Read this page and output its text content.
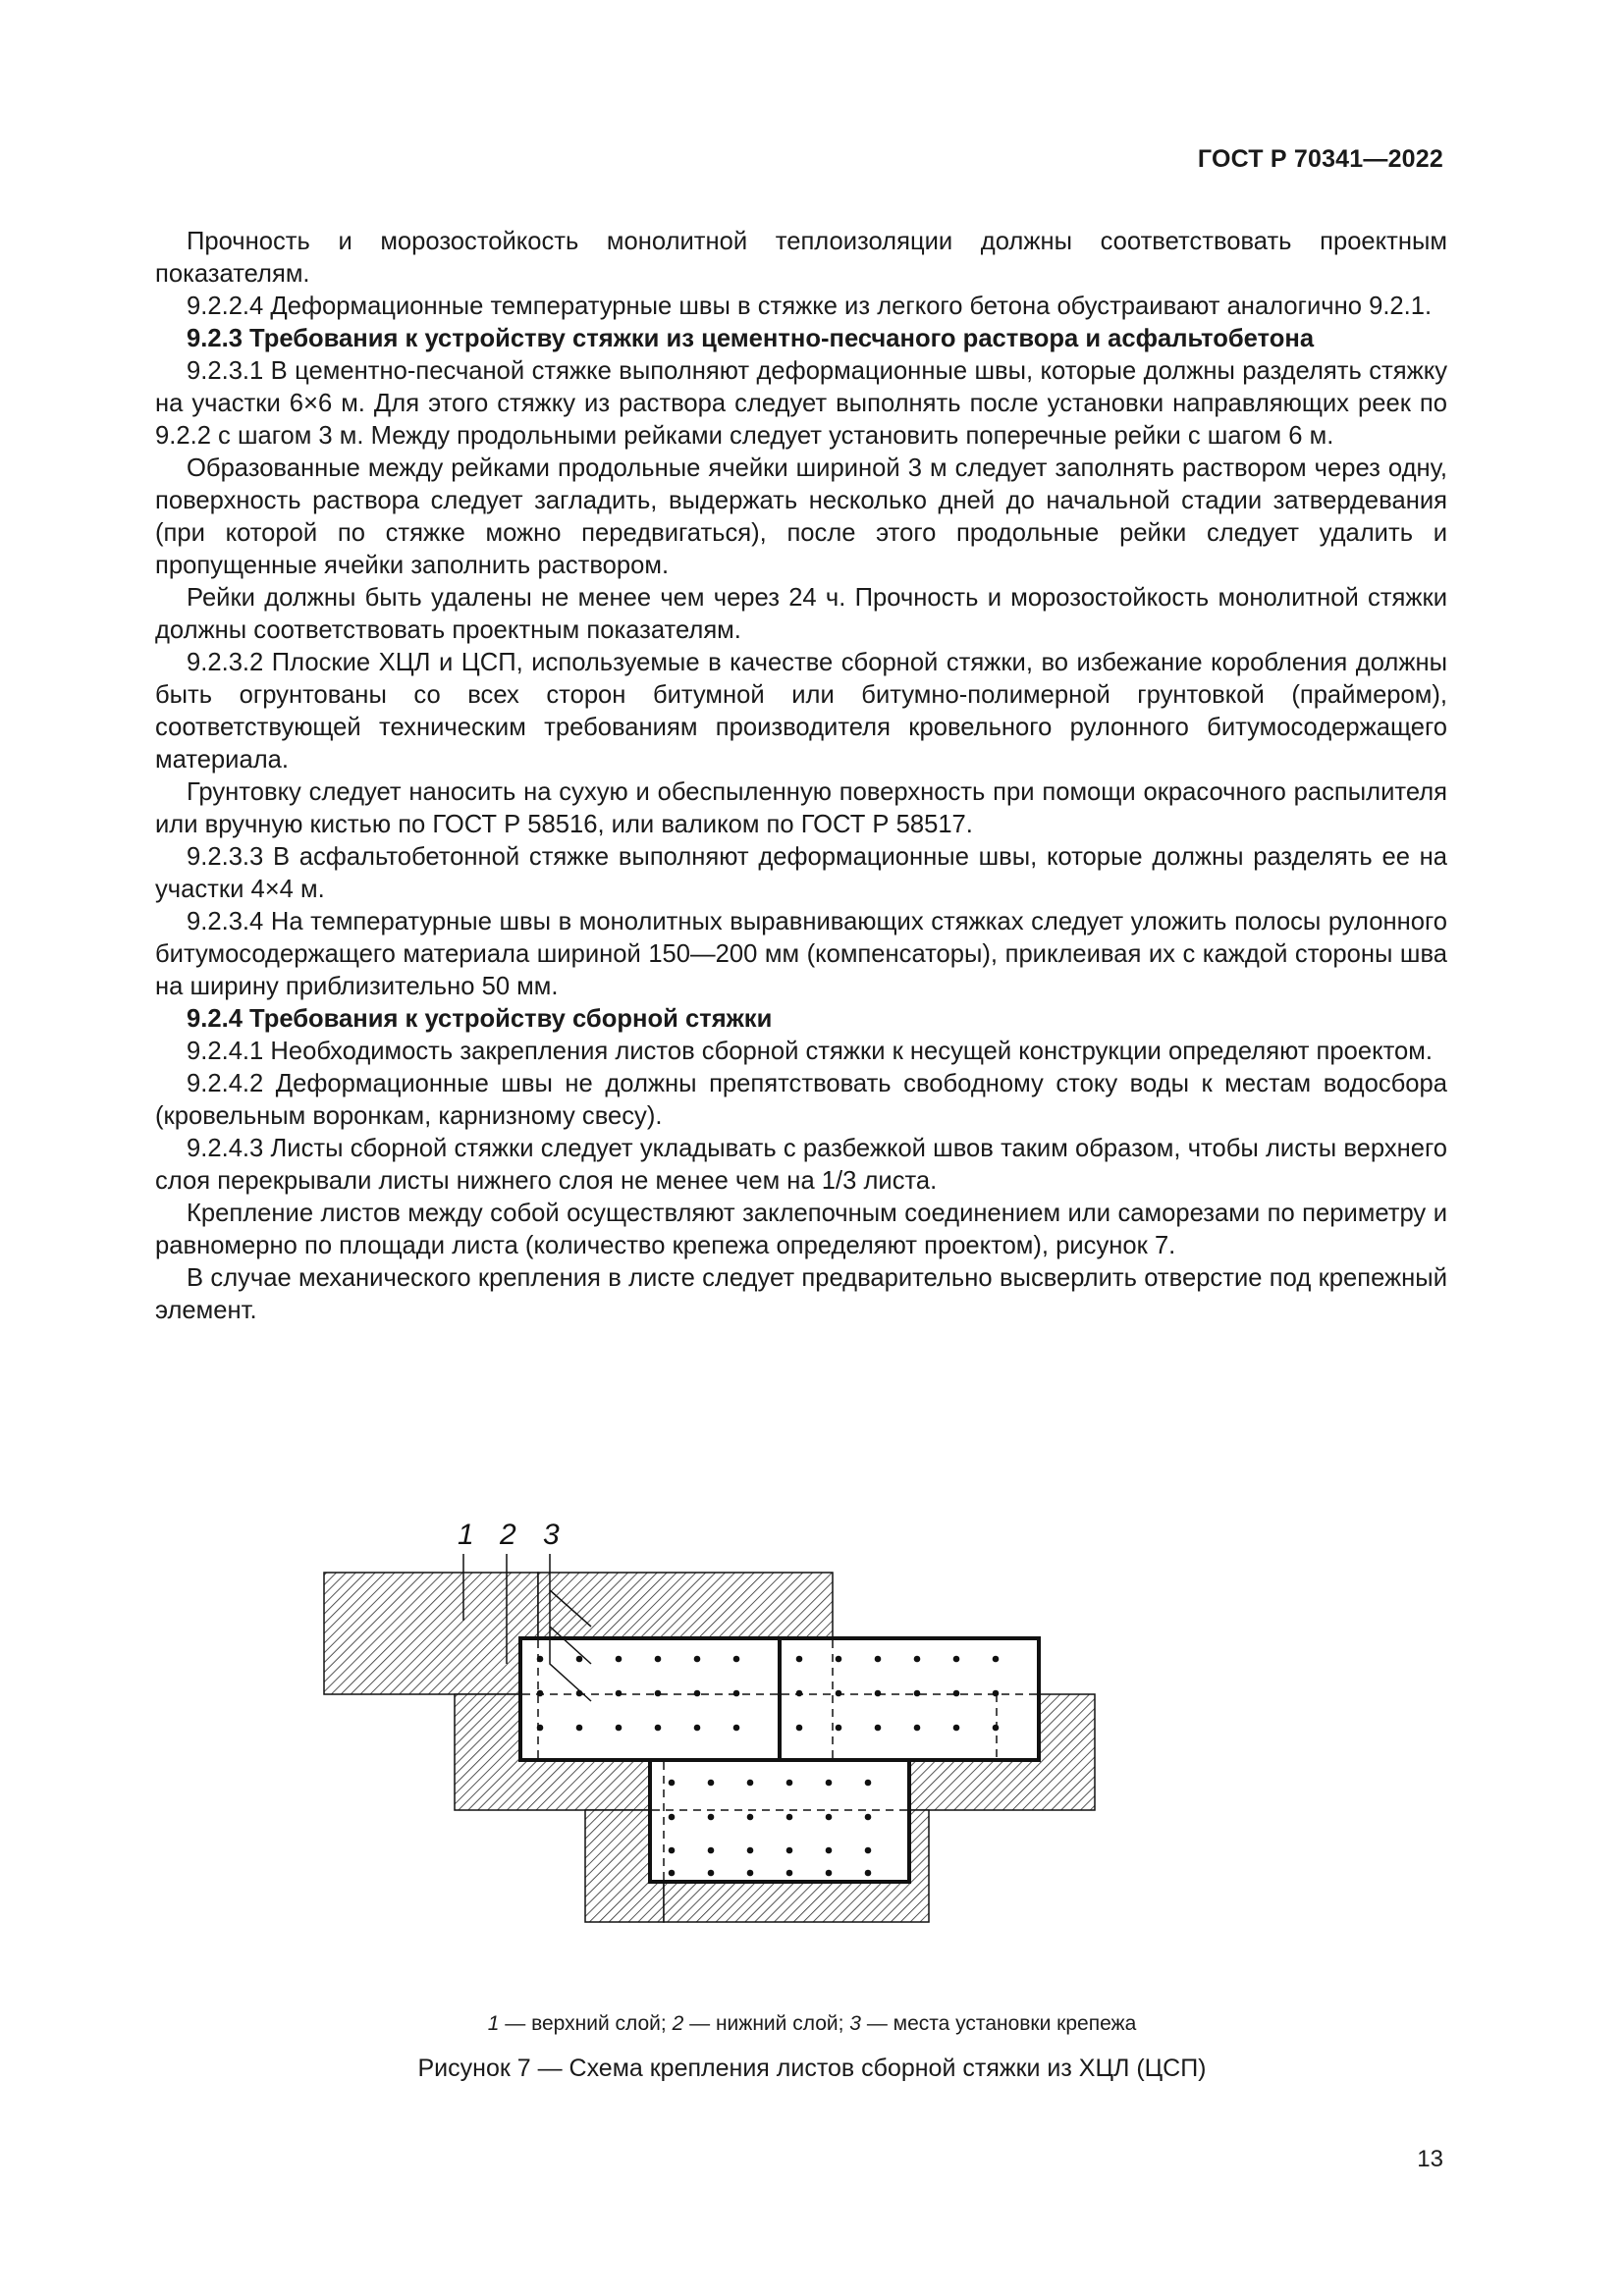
ГОСТ Р 70341—2022

Прочность и морозостойкость монолитной теплоизоляции должны соответствовать проектным показателям.

9.2.2.4 Деформационные температурные швы в стяжке из легкого бетона обустраивают аналогично 9.2.1.

9.2.3 Требования к устройству стяжки из цементно-песчаного раствора и асфальтобетона

9.2.3.1 В цементно-песчаной стяжке выполняют деформационные швы, которые должны разделять стяжку на участки 6×6 м. Для этого стяжку из раствора следует выполнять после установки направляющих реек по 9.2.2 с шагом 3 м. Между продольными рейками следует установить поперечные рейки с шагом 6 м.

Образованные между рейками продольные ячейки шириной 3 м следует заполнять раствором через одну, поверхность раствора следует загладить, выдержать несколько дней до начальной стадии затвердевания (при которой по стяжке можно передвигаться), после этого продольные рейки следует удалить и пропущенные ячейки заполнить раствором.

Рейки должны быть удалены не менее чем через 24 ч. Прочность и морозостойкость монолитной стяжки должны соответствовать проектным показателям.

9.2.3.2 Плоские ХЦЛ и ЦСП, используемые в качестве сборной стяжки, во избежание коробления должны быть огрунтованы со всех сторон битумной или битумно-полимерной грунтовкой (праймером), соответствующей техническим требованиям производителя кровельного рулонного битумосодержащего материала.

Грунтовку следует наносить на сухую и обеспыленную поверхность при помощи окрасочного распылителя или вручную кистью по ГОСТ Р 58516, или валиком по ГОСТ Р 58517.

9.2.3.3 В асфальтобетонной стяжке выполняют деформационные швы, которые должны разделять ее на участки 4×4 м.

9.2.3.4 На температурные швы в монолитных выравнивающих стяжках следует уложить полосы рулонного битумосодержащего материала шириной 150—200 мм (компенсаторы), приклеивая их с каждой стороны шва на ширину приблизительно 50 мм.

9.2.4 Требования к устройству сборной стяжки

9.2.4.1 Необходимость закрепления листов сборной стяжки к несущей конструкции определяют проектом.

9.2.4.2 Деформационные швы не должны препятствовать свободному стоку воды к местам водосбора (кровельным воронкам, карнизному свесу).

9.2.4.3 Листы сборной стяжки следует укладывать с разбежкой швов таким образом, чтобы листы верхнего слоя перекрывали листы нижнего слоя не менее чем на 1/3 листа.

Крепление листов между собой осуществляют заклепочным соединением или саморезами по периметру и равномерно по площади листа (количество крепежа определяют проектом), рисунок 7.

В случае механического крепления в листе следует предварительно высверлить отверстие под крепежный элемент.

1 2 3
1 — верхний слой; 2 — нижний слой; 3 — места установки крепежа
Рисунок 7 — Схема крепления листов сборной стяжки из ХЦЛ (ЦСП)
13
